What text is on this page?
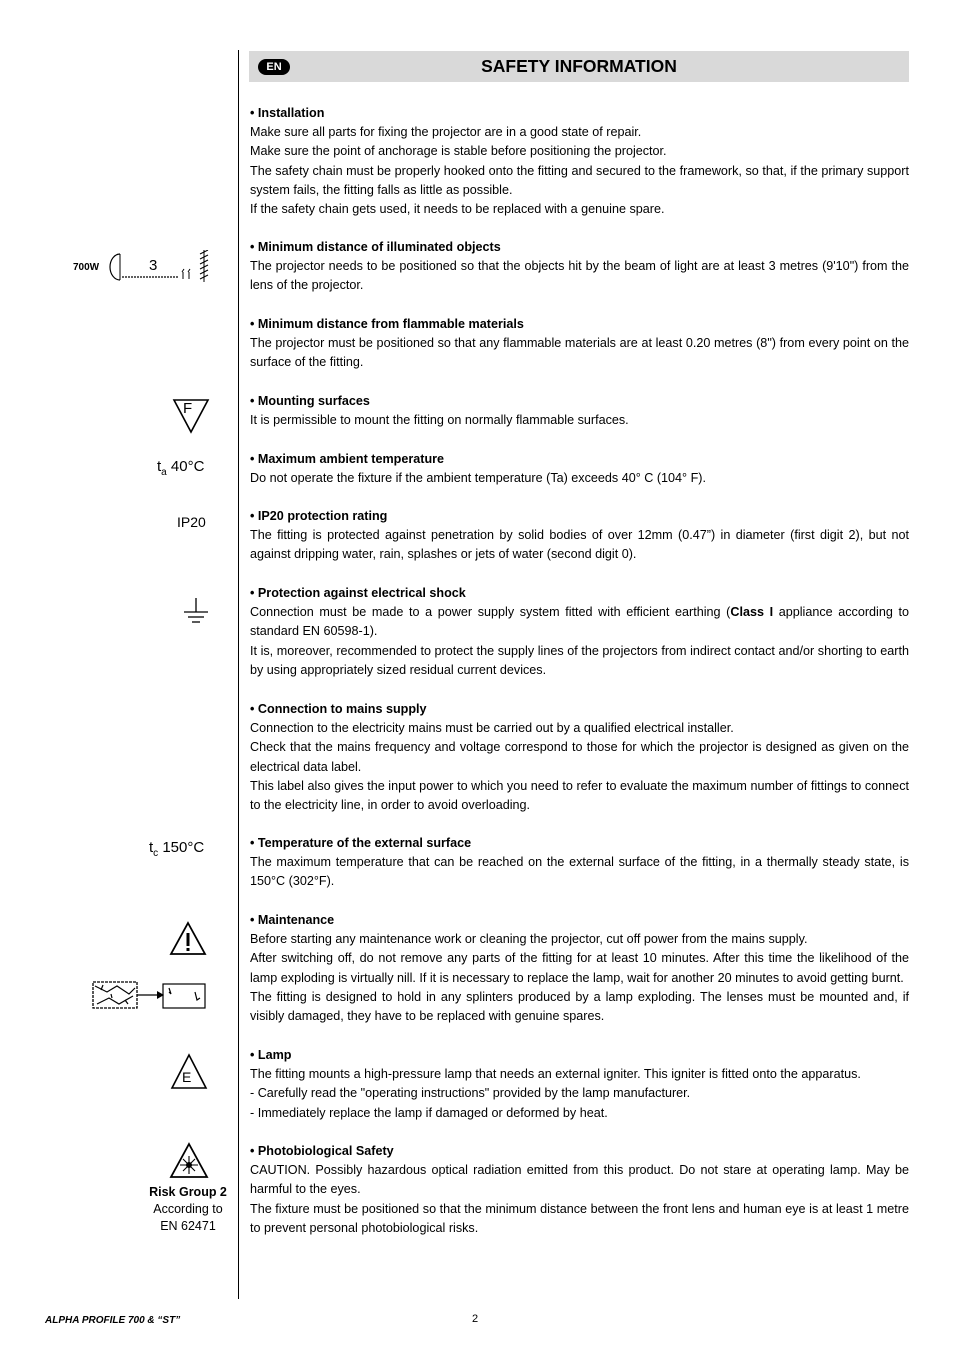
EN	SAFETY INFORMATION
• Installation

Make sure all parts for fixing the projector are in a good state of repair.

Make sure the point of anchorage is stable before positioning the projector.

The safety chain must be properly hooked onto the fitting and secured to the framework, so that, if the primary support system fails, the fitting falls as little as possible.

If the safety chain gets used, it needs to be replaced with a genuine spare.

• Minimum distance of illuminated objects

The projector needs to be positioned so that the objects hit by the beam of light are at least 3 metres (9'10") from the lens of the projector.

• Minimum distance from flammable materials

The projector must be positioned so that any flammable materials are at least 0.20 metres (8") from every point on the surface of the fitting.

• Mounting surfaces

It is permissible to mount the fitting on normally flammable surfaces.

• Maximum ambient temperature

Do not operate the fixture if the ambient temperature (Ta) exceeds 40° C (104° F).

• IP20 protection rating

The fitting is protected against penetration by solid bodies of over 12mm (0.47”) in diameter (first digit 2), but not against dripping water, rain, splashes or jets of water (second digit 0).

• Protection against electrical shock

Connection must be made to a power supply system fitted with efficient earthing (Class I appliance according to standard EN 60598-1).

It is, moreover, recommended to protect the supply lines of the projectors from indirect contact and/or shorting to earth by using appropriately sized residual current devices.

• Connection to mains supply

Connection to the electricity mains must be carried out by a qualified electrical installer.

Check that the mains frequency and voltage correspond to those for which the projector is designed as given on the electrical data label.

This label also gives the input power to which you need to refer to evaluate the maximum number of fittings to connect to the electricity line, in order to avoid overloading.

• Temperature of the external surface

The maximum temperature that can be reached on the external surface of the fitting, in a thermally steady state, is 150°C (302°F).

• Maintenance

Before starting any maintenance work or cleaning the projector, cut off power from the mains supply.

After switching off, do not remove any parts of the fitting for at least 10 minutes. After this time the likelihood of the lamp exploding is virtually nill. If it is necessary to replace the lamp, wait for another 20 minutes to avoid getting burnt.

The fitting is designed to hold in any splinters produced by a lamp exploding. The lenses must be mounted and, if visibly damaged, they have to be replaced with genuine spares.

• Lamp

The fitting mounts a high-pressure lamp that needs an external igniter. This igniter is fitted onto the apparatus.

- Carefully read the "operating instructions" provided by the lamp manufacturer.

- Immediately replace the lamp if damaged or deformed by heat.

• Photobiological Safety

CAUTION. Possibly hazardous optical radiation emitted from this product. Do not stare at operating lamp. May be harmful to the eyes.

The fixture must be positioned so that the minimum distance between the front lens and human eye is at least 1 metre to prevent personal photobiological risks.

700W	3
F
$t_a$ 40°C
IP20
$t_c$ 150°C
E
Risk Group 2
According to
EN 62471
ALPHA PROFILE 700 & “ST”	2
